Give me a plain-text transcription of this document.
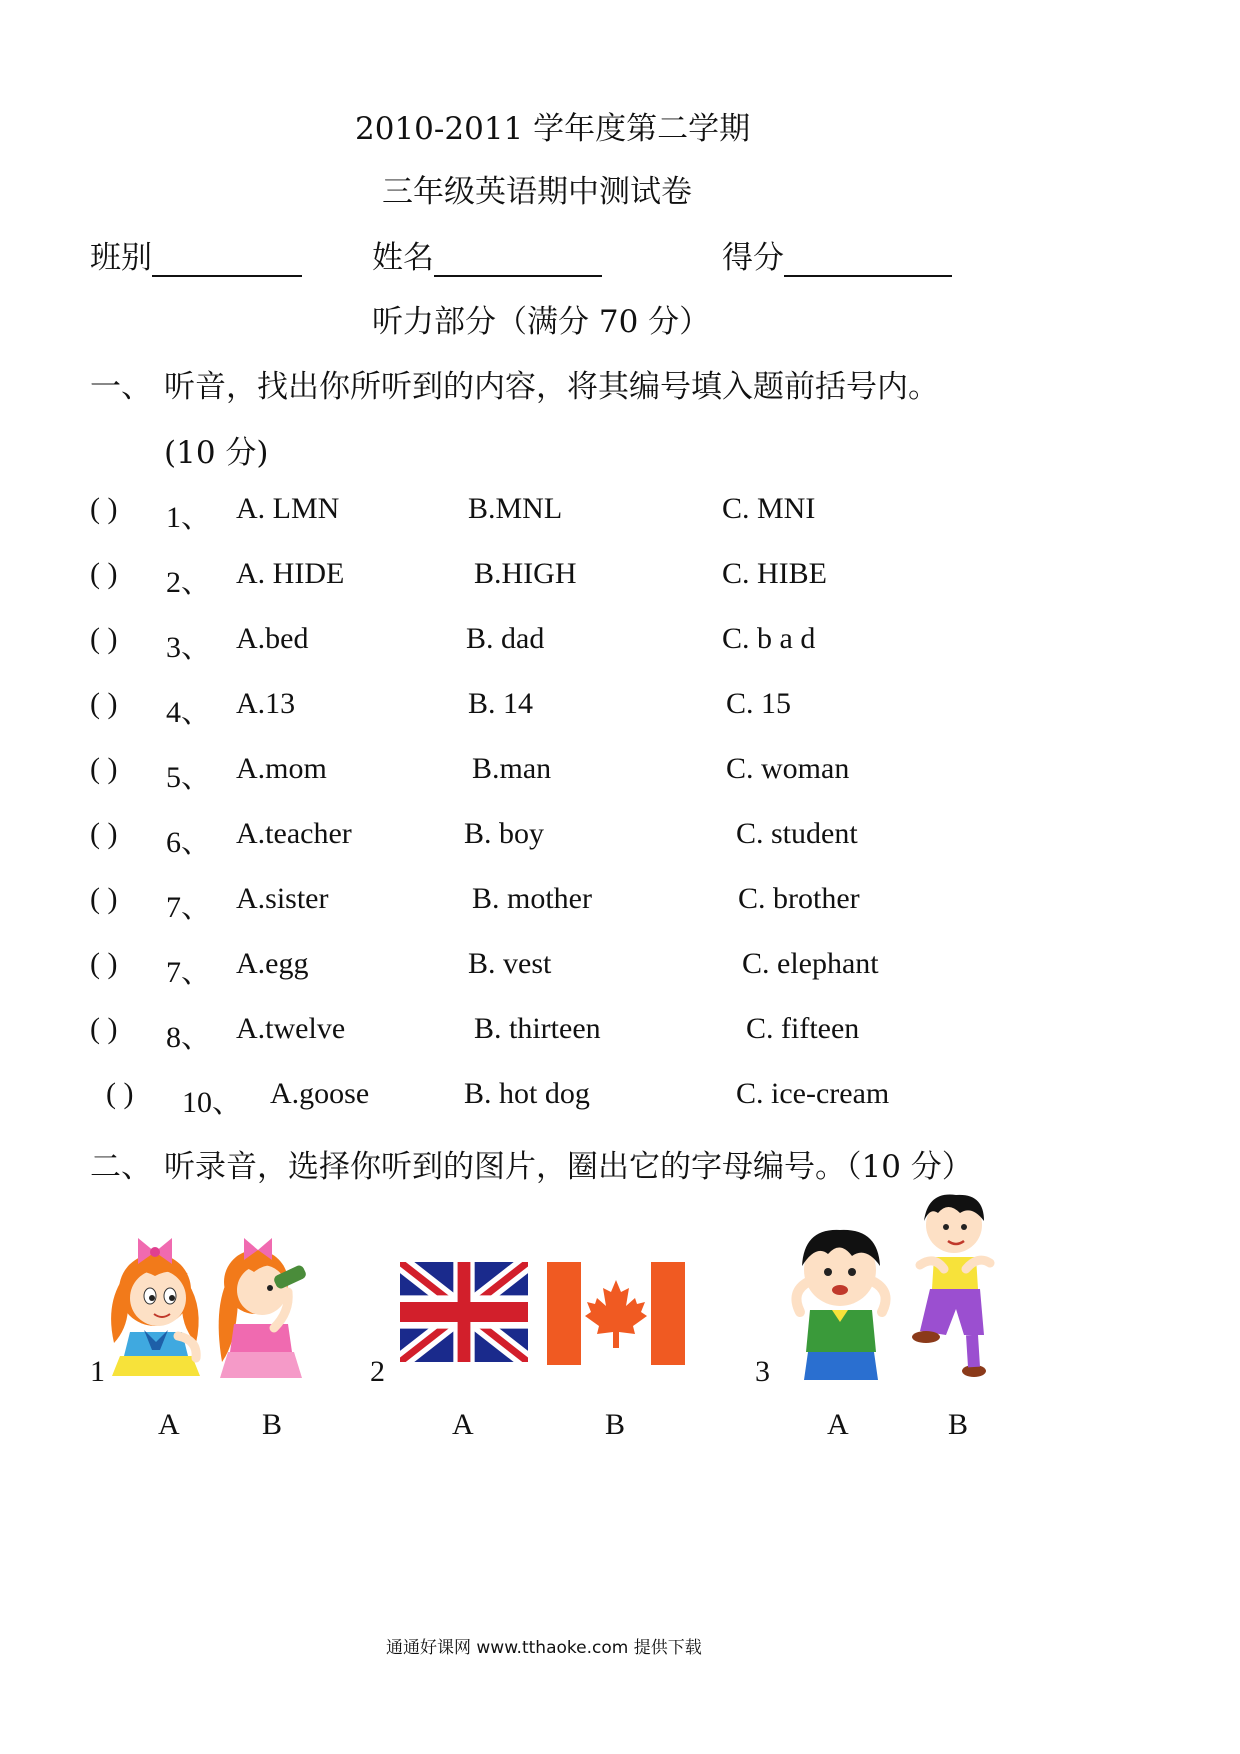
2010-2011 学年度第二学期
三年级英语期中测试卷
班别	姓名	得分
听力部分（满分 70 分）
一、 听音，找出你所听到的内容，将其编号填入题前括号内。
(10 分)
( ) 1、 A. LMN	B.MNL	C. MNI
( ) 2、 A. HIDE	B.HIGH	C. HIBE
( ) 3、 A.bed	B. dad	C. b a d
( ) 4、 A.13	B. 14	C. 15
( ) 5、 A.mom	B.man	C. woman
( ) 6、 A.teacher	B. boy	C. student
( ) 7、 A.sister	B. mother	C. brother
( ) 7、 A.egg	B. vest	C. elephant
( ) 8、 A.twelve	B. thirteen	C. fifteen
( ) 10、 A.goose	B. hot dog	C. ice-cream
二、 听录音，选择你听到的图片，圈出它的字母编号。（10 分）
1
A	B
2
A	B
3
A	B
通通好课网 www.tthaoke.com 提供下载
